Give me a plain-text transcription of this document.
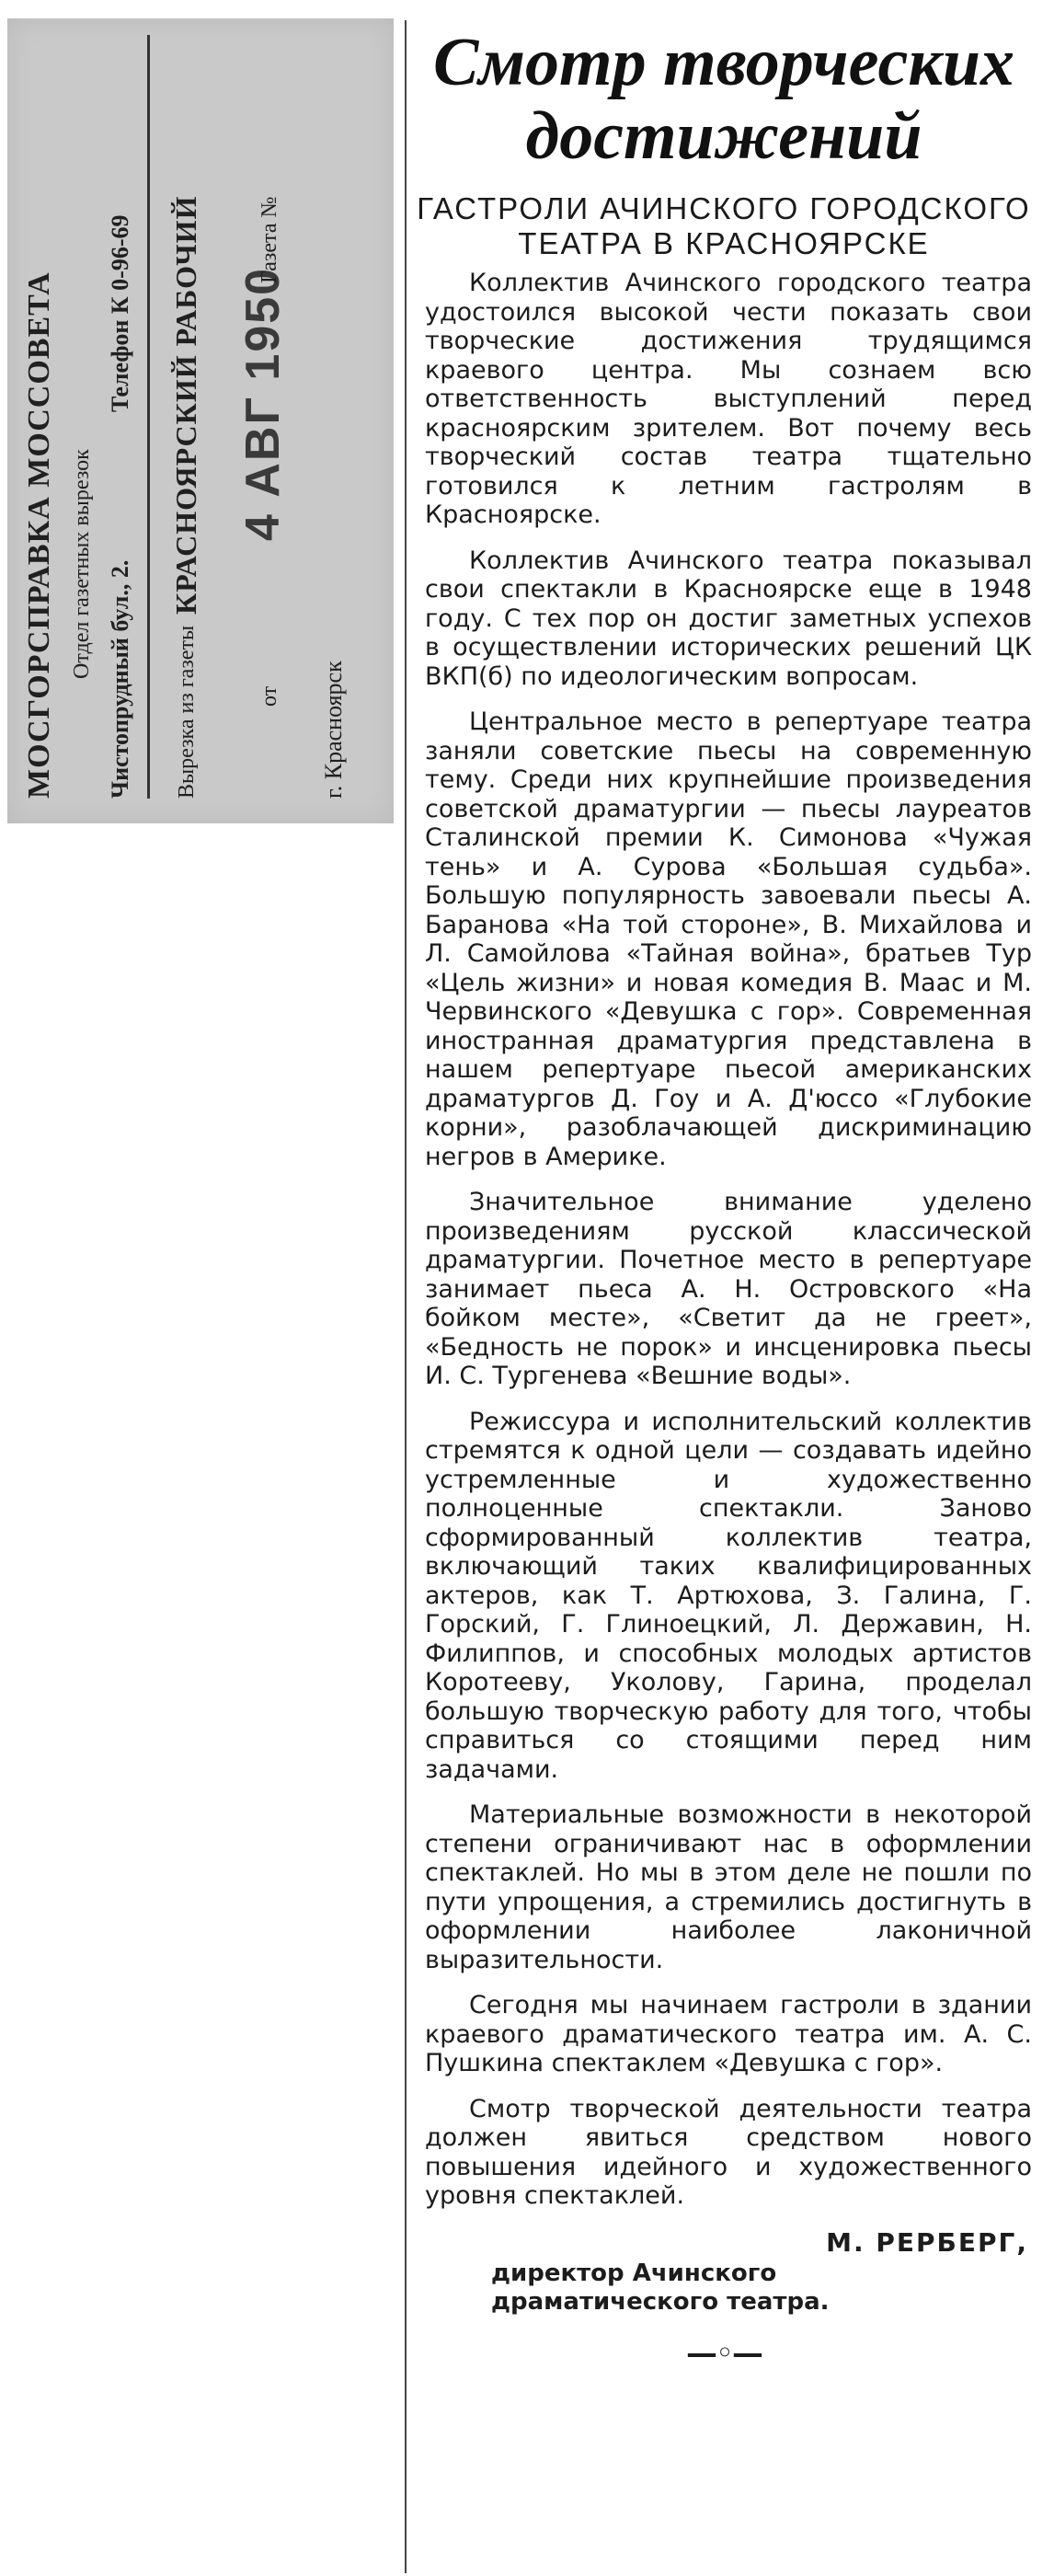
МОСГОРСПРАВКА МОССОВЕТА Отдел газетных вырезок Чистопрудный бул., 2.
Телефон К 0-96-69
Вырезка из газеты
КРАСНОЯРСКИЙ РАБОЧИЙ
от
4 АВГ 1950
Газета №
г. Красноярск
Смотр творческих достижений
ГАСТРОЛИ АЧИНСКОГО ГОРОДСКОГО ТЕАТРА В КРАСНОЯРСКЕ

Коллектив Ачинского городского театра удостоился высокой чести показать свои творческие достижения трудящимся краевого центра. Мы сознаем всю ответственность выступлений перед красноярским зрителем. Вот почему весь творческий состав театра тщательно готовился к летним гастролям в Красноярске.

Коллектив Ачинского театра показывал свои спектакли в Красноярске еще в 1948 году. С тех пор он достиг заметных успехов в осуществлении исторических решений ЦК ВКП(б) по идеологическим вопросам.

Центральное место в репертуаре театра заняли советские пьесы на современную тему. Среди них крупнейшие произведения советской драматургии — пьесы лауреатов Сталинской премии К. Симонова «Чужая тень» и А. Сурова «Большая судьба». Большую популярность завоевали пьесы А. Баранова «На той стороне», В. Михайлова и Л. Самойлова «Тайная война», братьев Тур «Цель жизни» и новая комедия В. Маас и М. Червинского «Девушка с гор». Современная иностранная драматургия представлена в нашем репертуаре пьесой американских драматургов Д. Гоу и А. Д'юссо «Глубокие корни», разоблачающей дискриминацию негров в Америке.

Значительное внимание уделено произведениям русской классической драматургии. Почетное место в репертуаре занимает пьеса А. Н. Островского «На бойком месте», «Светит да не греет», «Бедность не порок» и инсценировка пьесы И. С. Тургенева «Вешние воды».

Режиссура и исполнительский коллектив стремятся к одной цели — создавать идейно устремленные и художественно полноценные спектакли. Заново сформированный коллектив театра, включающий таких квалифицированных актеров, как Т. Артюхова, З. Галина, Г. Горский, Г. Глиноецкий, Л. Державин, Н. Филиппов, и способных молодых артистов Коротееву, Уколову, Гарина, проделал большую творческую работу для того, чтобы справиться со стоящими перед ним задачами.

Материальные возможности в некоторой степени ограничивают нас в оформлении спектаклей. Но мы в этом деле не пошли по пути упрощения, а стремились достигнуть в оформлении наиболее лаконичной выразительности.

Сегодня мы начинаем гастроли в здании краевого драматического театра им. А. С. Пушкина спектаклем «Девушка с гор».

Смотр творческой деятельности театра должен явиться средством нового повышения идейного и художественного уровня спектаклей.

М. РЕРБЕРГ,
директор Ачинского драматического театра.
—◦—
